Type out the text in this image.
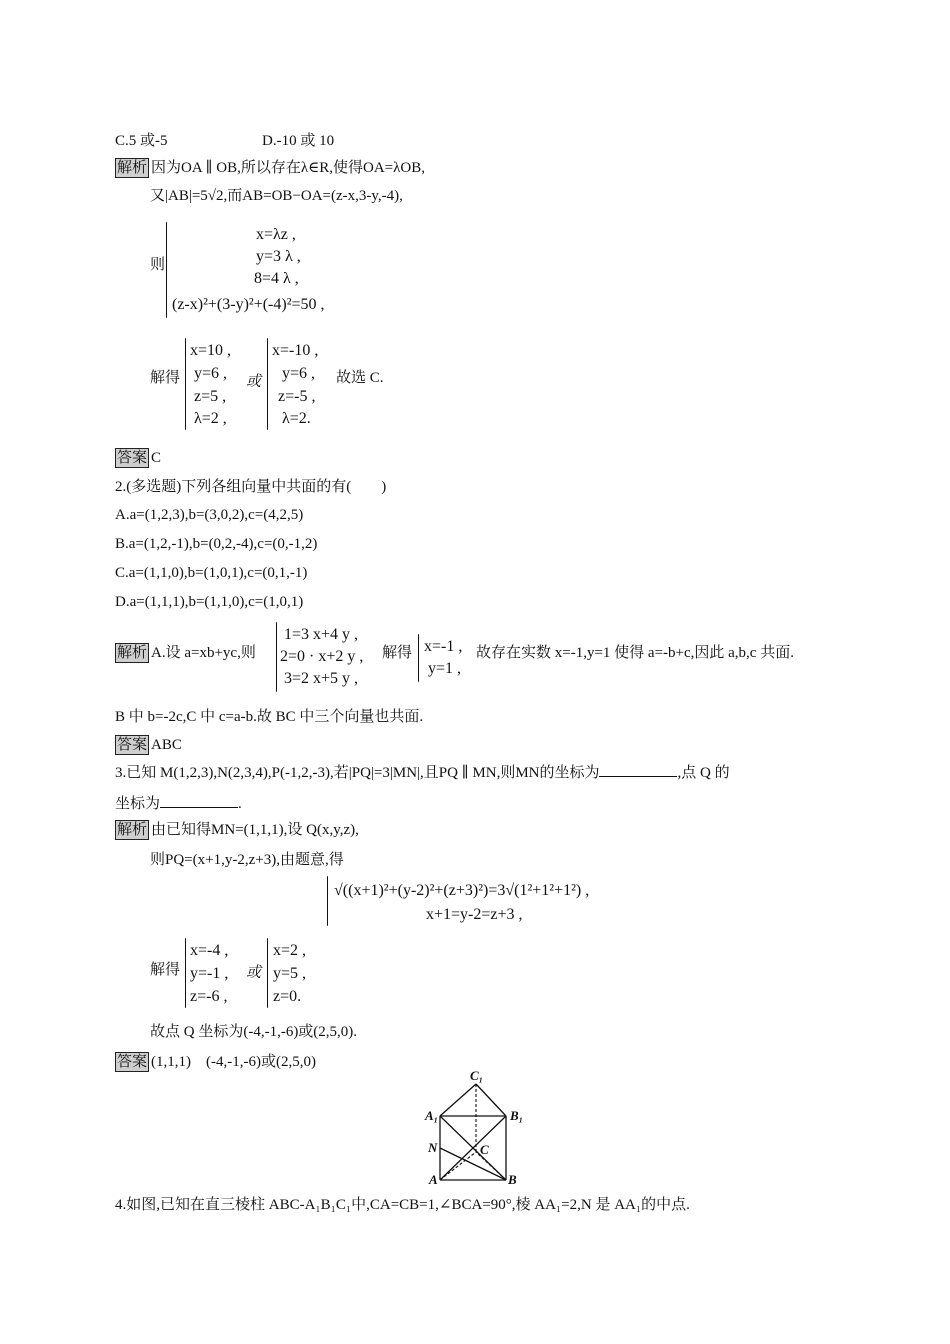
C.5 或-5	D.-10 或 10
解析 因为OA ∥ OB,所以存在λ∈R,使得OA=λOB,
又|AB|=5√2,而AB=OB−OA=(z-x,3-y,-4),
则
x=λz ,
y=3 λ ,
8=4 λ ,
(z-x)²+(3-y)²+(-4)²=50 ,
解得
x=10 ,
y=6 ,
z=5 ,
λ=2 ,
或
x=-10 ,
y=6 ,
z=-5 ,
λ=2.
故选 C.
答案 C
2.(多选题)下列各组向量中共面的有(　　)
A.a=(1,2,3),b=(3,0,2),c=(4,2,5)
B.a=(1,2,-1),b=(0,2,-4),c=(0,-1,2)
C.a=(1,1,0),b=(1,0,1),c=(0,1,-1)
D.a=(1,1,1),b=(1,1,0),c=(1,0,1)
解析 A.设 a=xb+yc,则
1=3 x+4 y ,
2=0 · x+2 y ,
3=2 x+5 y ,
解得 x=-1 ,
y=1 ,
故存在实数 x=-1,y=1 使得 a=-b+c,因此 a,b,c 共面.
B 中 b=-2c,C 中 c=a-b.故 BC 中三个向量也共面.
答案 ABC
3.已知 M(1,2,3),N(2,3,4),P(-1,2,-3),若|PQ|=3|MN|,且PQ ∥ MN,则MN的坐标为	,点 Q 的
坐标为	.
解析 由已知得MN=(1,1,1),设 Q(x,y,z),
则PQ=(x+1,y-2,z+3),由题意,得
√((x+1)²+(y-2)²+(z+3)²)=3√(1²+1²+1²) ,
x+1=y-2=z+3 ,
解得
x=-4 ,
y=-1 ,
z=-6 ,
或
x=2 ,
y=5 ,
z=0.
故点 Q 坐标为(-4,-1,-6)或(2,5,0).
答案 (1,1,1)　(-4,-1,-6)或(2,5,0)
C₁
A₁	B₁
N	C
A	B
4.如图,已知在直三棱柱 ABC-A₁B₁C₁中,CA=CB=1,∠BCA=90°,棱 AA₁=2,N 是 AA₁的中点.
